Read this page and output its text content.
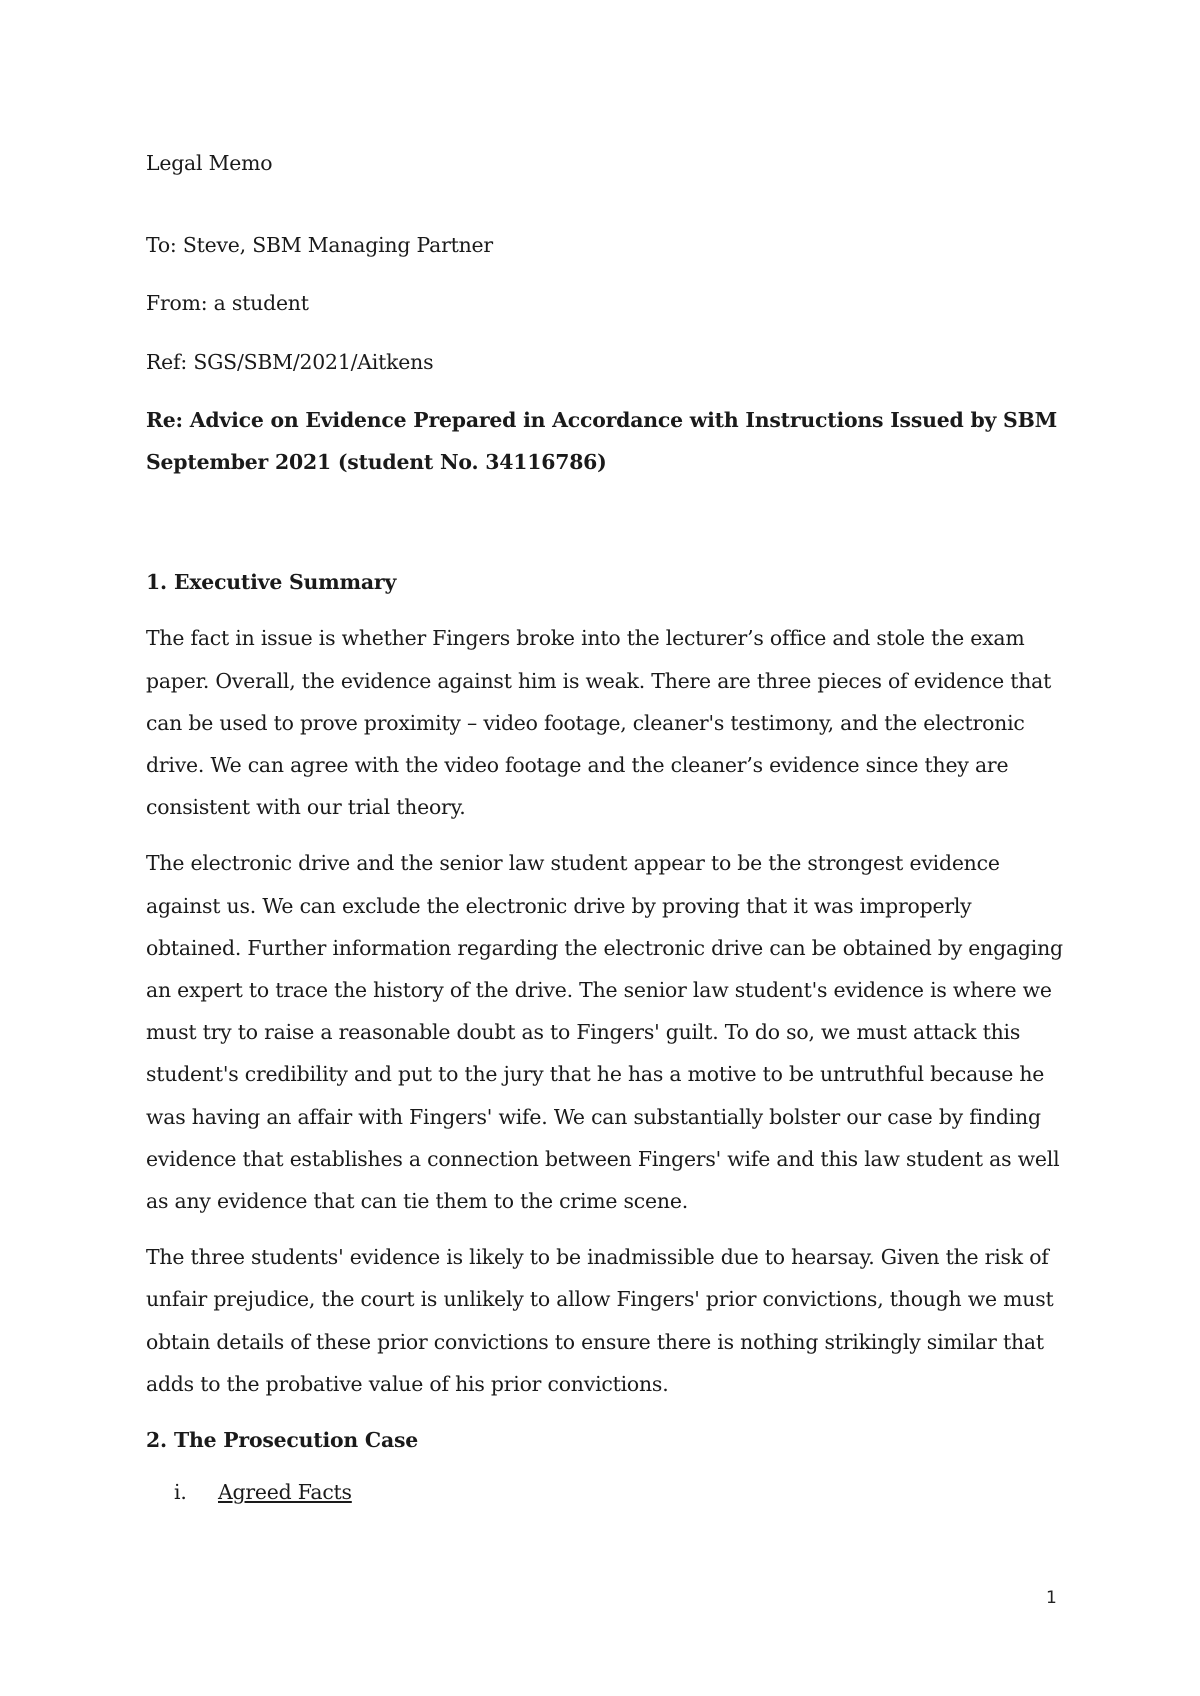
Legal Memo

To: Steve, SBM Managing Partner

From: a student

Ref: SGS/SBM/2021/Aitkens

Re: Advice on Evidence Prepared in Accordance with Instructions Issued by SBM September 2021 (student No. 34116786)

1. Executive Summary

The fact in issue is whether Fingers broke into the lecturer’s office and stole the exam paper. Overall, the evidence against him is weak. There are three pieces of evidence that can be used to prove proximity – video footage, cleaner's testimony, and the electronic drive. We can agree with the video footage and the cleaner’s evidence since they are consistent with our trial theory.

The electronic drive and the senior law student appear to be the strongest evidence against us. We can exclude the electronic drive by proving that it was improperly obtained. Further information regarding the electronic drive can be obtained by engaging an expert to trace the history of the drive. The senior law student's evidence is where we must try to raise a reasonable doubt as to Fingers' guilt. To do so, we must attack this student's credibility and put to the jury that he has a motive to be untruthful because he was having an affair with Fingers' wife. We can substantially bolster our case by finding evidence that establishes a connection between Fingers' wife and this law student as well as any evidence that can tie them to the crime scene.

The three students' evidence is likely to be inadmissible due to hearsay. Given the risk of unfair prejudice, the court is unlikely to allow Fingers' prior convictions, though we must obtain details of these prior convictions to ensure there is nothing strikingly similar that adds to the probative value of his prior convictions.

2. The Prosecution Case
i.	Agreed Facts
1
